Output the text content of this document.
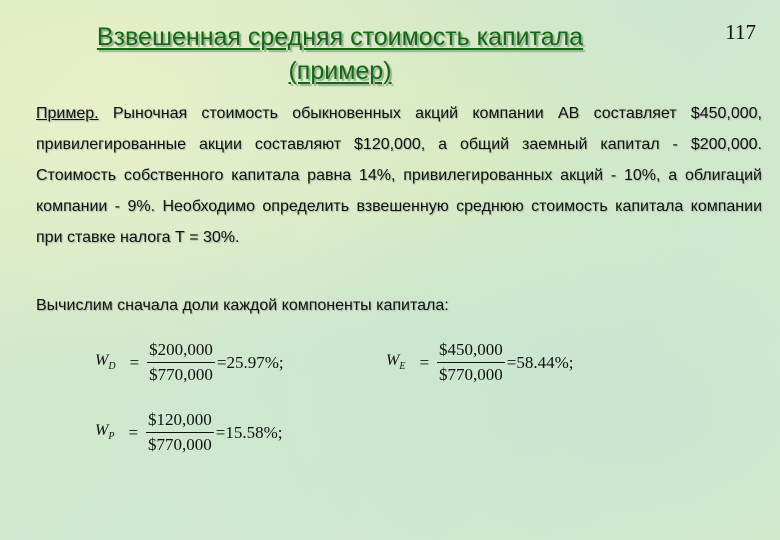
117
Взвешенная средняя стоимость капитала
(пример)
Пример. Рыночная стоимость обыкновенных акций компании АВ составляет $450,000, привилегированные акции составляют $120,000, а общий заемный капитал - $200,000. Стоимость собственного капитала равна 14%, привилегированных акций - 10%, а облигаций компании - 9%. Необходимо определить взвешенную среднюю стоимость капитала компании при ставке налога Т = 30%.
Вычислим сначала доли каждой компоненты капитала:
$W_D = \frac{\$200,000}{\$770,000} =25.97\%$;	$W_E = \frac{\$450,000}{\$770,000} =58.44\%$;
$W_P = \frac{\$120,000}{\$770,000} =15.58\%$;
